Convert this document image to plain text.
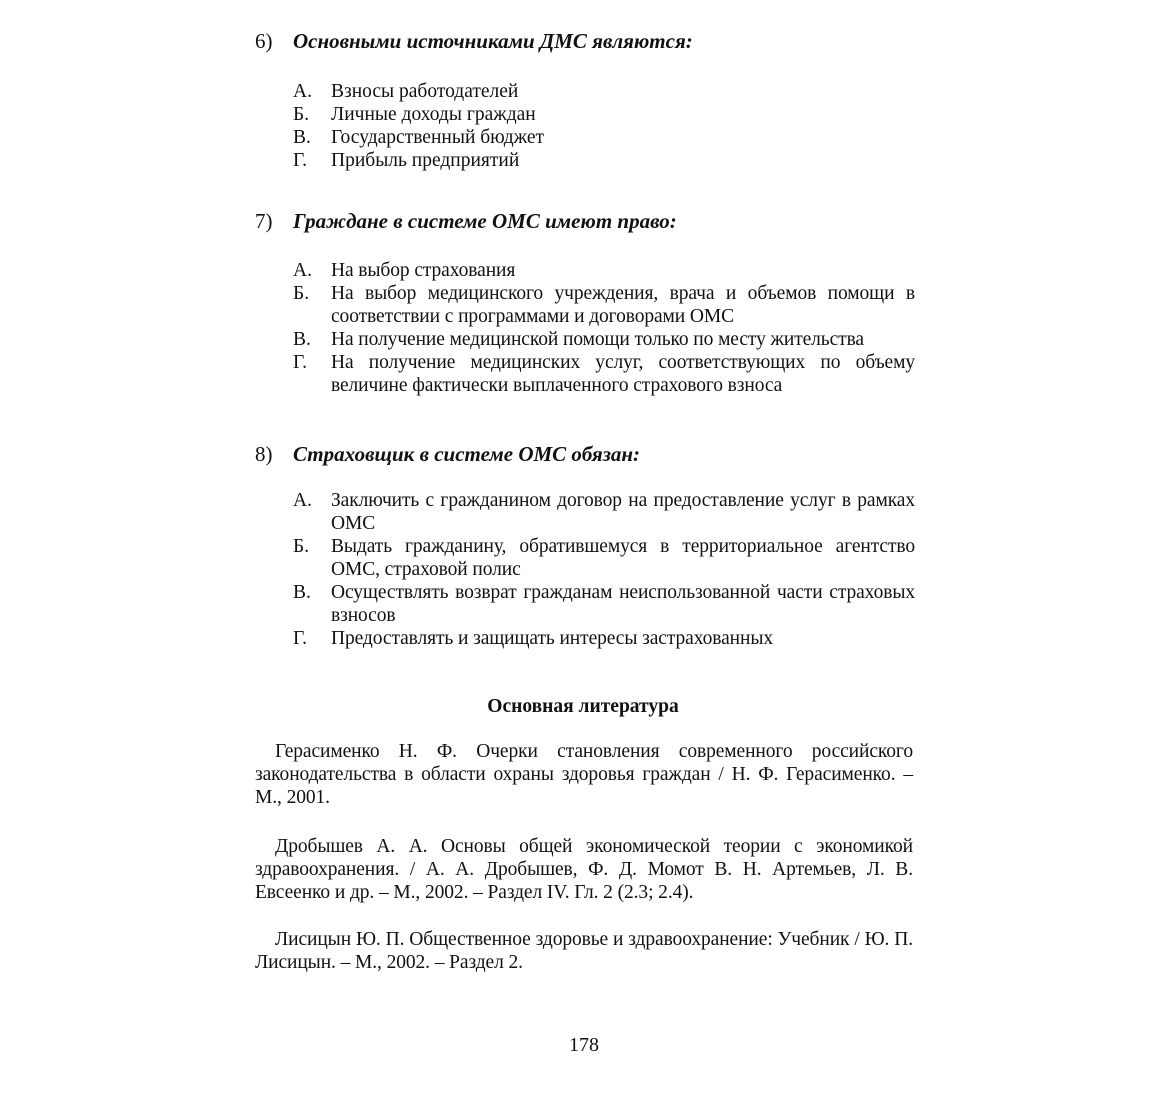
6) Основными источниками ДМС являются:
А. Взносы работодателей
Б.	Личные доходы граждан
В.	Государственный бюджет
Г.	Прибыль предприятий
7) Граждане в системе ОМС имеют право:
А. На выбор страхования
Б.	На выбор медицинского учреждения, врача и объемов помощи в соответствии с программами и договорами ОМС
В.	На получение медицинской помощи только по месту жительства
Г.	На получение медицинских услуг, соответствующих по объему величине фактически выплаченного страхового взноса
8) Страховщик в системе ОМС обязан:
А. Заключить с гражданином договор на предоставление услуг в рамках ОМС
Б.	Выдать гражданину, обратившемуся в территориальное агентство ОМС, страховой полис
В.	Осуществлять возврат гражданам неиспользованной части страховых взносов
Г.	Предоставлять и защищать интересы застрахованных
Основная литература

Герасименко Н. Ф. Очерки становления современного российского законодательства в области охраны здоровья граждан / Н. Ф. Герасименко. – М., 2001.

Дробышев А. А. Основы общей экономической теории с экономикой здравоохранения. / А. А. Дробышев, Ф. Д. Момот В. Н. Артемьев, Л. В. Евсеенко и др. – М., 2002. – Раздел IV. Гл. 2 (2.3; 2.4).

Лисицын Ю. П. Общественное здоровье и здравоохранение: Учебник / Ю. П. Лисицын. – М., 2002. – Раздел 2.

178
